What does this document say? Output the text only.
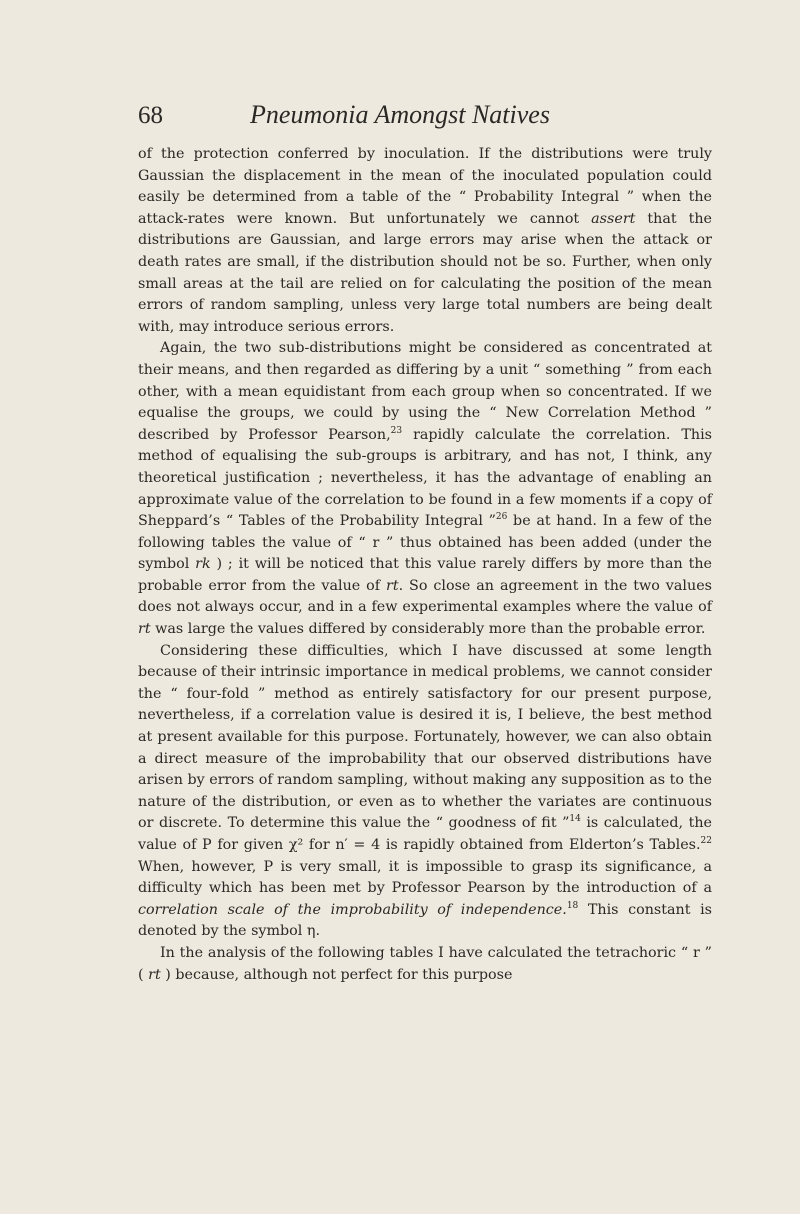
68	Pneumonia Amongst Natives

of the protection conferred by inoculation. If the distributions were truly Gaussian the displacement in the mean of the inoculated population could easily be determined from a table of the “ Probability Integral ” when the attack-rates were known. But unfortunately we cannot assert that the distributions are Gaussian, and large errors may arise when the attack or death rates are small, if the distribution should not be so. Further, when only small areas at the tail are relied on for calculating the position of the mean errors of random sampling, unless very large total numbers are being dealt with, may introduce serious errors.

Again, the two sub-distributions might be considered as concentrated at their means, and then regarded as differing by a unit “ something ” from each other, with a mean equidistant from each group when so concentrated. If we equalise the groups, we could by using the “ New Correlation Method ” described by Professor Pearson,$^{23}$ rapidly calculate the correlation. This method of equalising the sub-groups is arbitrary, and has not, I think, any theoretical justification ; nevertheless, it has the advantage of enabling an approximate value of the correlation to be found in a few moments if a copy of Sheppard’s “ Tables of the Probability Integral ”$^{26}$ be at hand. In a few of the following tables the value of “ r ” thus obtained has been added (under the symbol rk ) ; it will be noticed that this value rarely differs by more than the probable error from the value of rt. So close an agreement in the two values does not always occur, and in a few experimental examples where the value of rt was large the values differed by considerably more than the probable error.

Considering these difficulties, which I have discussed at some length because of their intrinsic importance in medical problems, we cannot consider the “ four-fold ” method as entirely satisfactory for our present purpose, nevertheless, if a correlation value is desired it is, I believe, the best method at present available for this purpose. Fortunately, however, we can also obtain a direct measure of the improbability that our observed distributions have arisen by errors of random sampling, without making any supposition as to the nature of the distribution, or even as to whether the variates are continuous or discrete. To determine this value the “ goodness of fit ”$^{14}$ is calculated, the value of P for given χ² for n′ = 4 is rapidly obtained from Elderton’s Tables.$^{22}$ When, however, P is very small, it is impossible to grasp its significance, a difficulty which has been met by Professor Pearson by the introduction of a correlation scale of the improbability of independence.$^{18}$ This constant is denoted by the symbol η.

In the analysis of the following tables I have calculated the tetrachoric “ r ” ( rt ) because, although not perfect for this purpose
